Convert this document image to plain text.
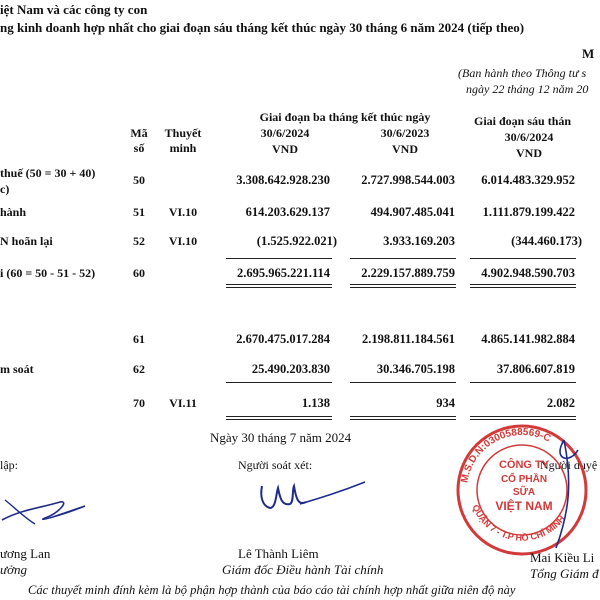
iệt Nam và các công ty con
ng kinh doanh hợp nhất cho giai đoạn sáu tháng kết thúc ngày 30 tháng 6 năm 2024 (tiếp theo)
M
(Ban hành theo Thông tư s
ngày 22 tháng 12 năm 20
Mã số
Thuyết minh
Giai đoạn ba tháng kết thúc ngày	Giai đoạn sáu thán
30/6/2024	30/6/2023	30/6/2024
VND	VND	VND
thuế (50 = 30 + 40)
c)
50	3.308.642.928.230	2.727.998.544.003	6.014.483.329.952
hành	51	VI.10	614.203.629.137	494.907.485.041	1.111.879.199.422
N hoãn lại	52	VI.10	(1.525.922.021)	3.933.169.203	(344.460.173)
i (60 = 50 - 51 - 52)	60	2.695.965.221.114	2.229.157.889.759	4.902.948.590.703
61	2.670.475.017.284	2.198.811.184.561	4.865.141.982.884
m soát	62	25.490.203.830	30.346.705.198	37.806.607.819
70	VI.11	1.138	934	2.082
Ngày 30 tháng 7 năm 2024
lập:	Người soát xét:	Người duyệ
M.S.D.N:0300588569-C
QUẬN 7 - T.P HỒ CHÍ MINH
CÔNG TY
CỔ PHẦN
SỮA
VIỆT NAM
ương Lan
ưởng
Lê Thành Liêm
Giám đốc Điều hành Tài chính
Mai Kiều Li
Tổng Giám đ
Các thuyết minh đính kèm là bộ phận hợp thành của báo cáo tài chính hợp nhất giữa niên độ này
